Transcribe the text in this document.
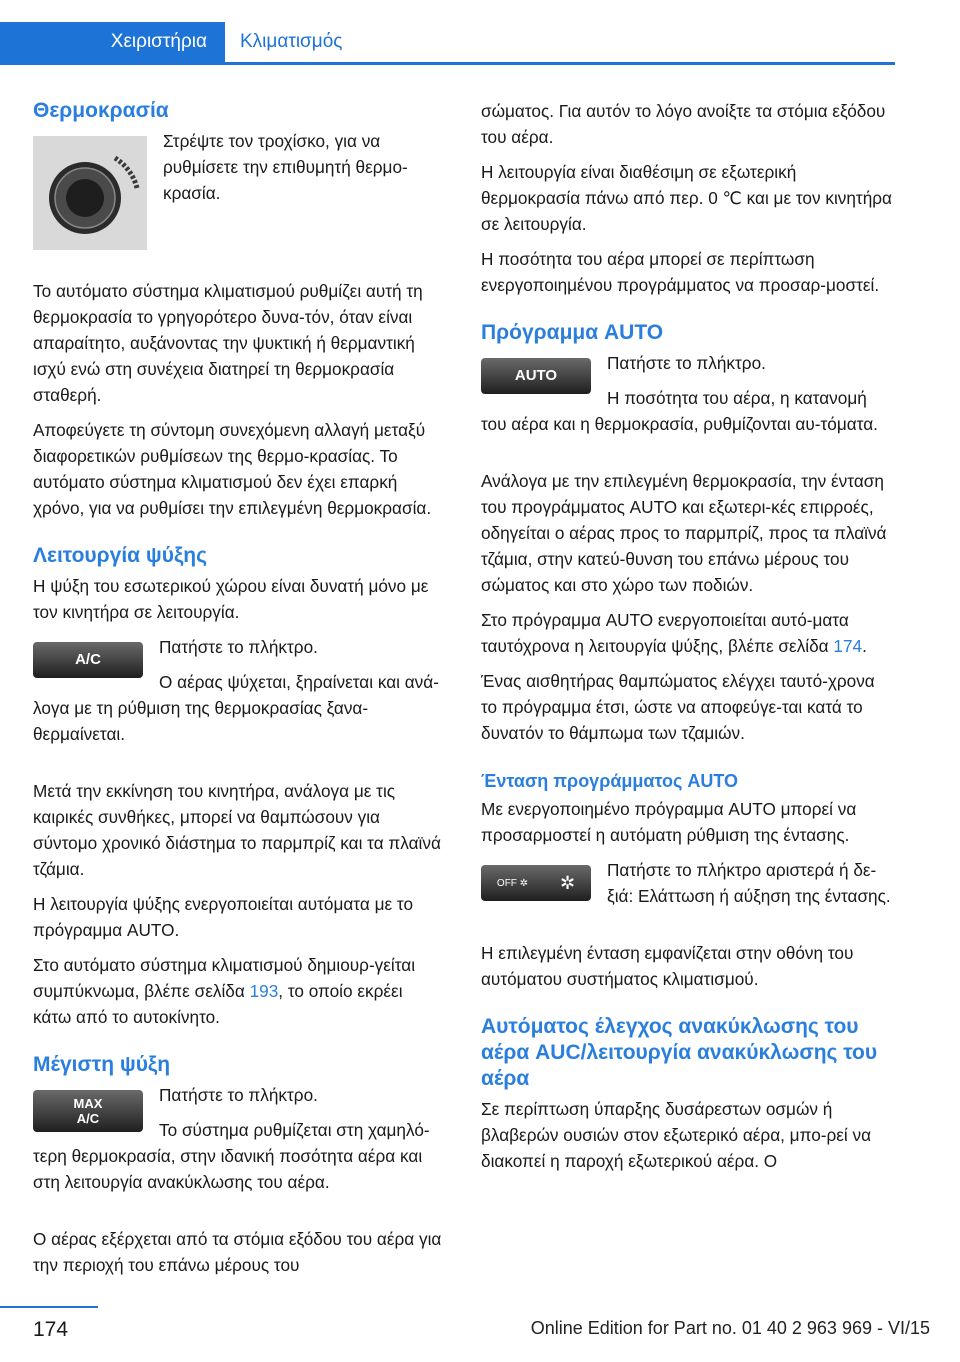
Χειριστήρια	Κλιματισμός
Θερμοκρασία
Στρέψτε τον τροχίσκο, για να ρυθμίσετε την επιθυμητή θερμο-κρασία.
Το αυτόματο σύστημα κλιματισμού ρυθμίζει αυτή τη θερμοκρασία το γρηγορότερο δυνα-τόν, όταν είναι απαραίτητο, αυξάνοντας την ψυκτική ή θερμαντική ισχύ ενώ στη συνέχεια διατηρεί τη θερμοκρασία σταθερή.
Αποφεύγετε τη σύντομη συνεχόμενη αλλαγή μεταξύ διαφορετικών ρυθμίσεων της θερμο-κρασίας. Το αυτόματο σύστημα κλιματισμού δεν έχει επαρκή χρόνο, για να ρυθμίσει την επιλεγμένη θερμοκρασία.
Λειτουργία ψύξης
Η ψύξη του εσωτερικού χώρου είναι δυνατή μόνο με τον κινητήρα σε λειτουργία.
A/C
Πατήστε το πλήκτρο.
Ο αέρας ψύχεται, ξηραίνεται και ανά-λογα με τη ρύθμιση της θερμοκρασίας ξανα-θερμαίνεται.
Μετά την εκκίνηση του κινητήρα, ανάλογα με τις καιρικές συνθήκες, μπορεί να θαμπώσουν για σύντομο χρονικό διάστημα το παρμπρίζ και τα πλαϊνά τζάμια.
Η λειτουργία ψύξης ενεργοποιείται αυτόματα με το πρόγραμμα AUTO.
Στο αυτόματο σύστημα κλιματισμού δημιουρ-γείται συμπύκνωμα, βλέπε σελίδα 193, το οποίο εκρέει κάτω από το αυτοκίνητο.
Μέγιστη ψύξη
MAX
A/C
Πατήστε το πλήκτρο.
Το σύστημα ρυθμίζεται στη χαμηλό-τερη θερμοκρασία, στην ιδανική ποσότητα αέρα και στη λειτουργία ανακύκλωσης του αέρα.
Ο αέρας εξέρχεται από τα στόμια εξόδου του αέρα για την περιοχή του επάνω μέρους του
σώματος. Για αυτόν το λόγο ανοίξτε τα στόμια εξόδου του αέρα.
Η λειτουργία είναι διαθέσιμη σε εξωτερική θερμοκρασία πάνω από περ. 0 ℃ και με τον κινητήρα σε λειτουργία.
Η ποσότητα του αέρα μπορεί σε περίπτωση ενεργοποιημένου προγράμματος να προσαρ-μοστεί.
Πρόγραμμα AUTO
AUTO
Πατήστε το πλήκτρο.
Η ποσότητα του αέρα, η κατανομή του αέρα και η θερμοκρασία, ρυθμίζονται αυ-τόματα.
Ανάλογα με την επιλεγμένη θερμοκρασία, την ένταση του προγράμματος AUTO και εξωτερι-κές επιρροές, οδηγείται ο αέρας προς το παρμπρίζ, προς τα πλαϊνά τζάμια, στην κατεύ-θυνση του επάνω μέρους του σώματος και στο χώρο των ποδιών.
Στο πρόγραμμα AUTO ενεργοποιείται αυτό-ματα ταυτόχρονα η λειτουργία ψύξης, βλέπε σελίδα 174.
Ένας αισθητήρας θαμπώματος ελέγχει ταυτό-χρονα το πρόγραμμα έτσι, ώστε να αποφεύγε-ται κατά το δυνατόν το θάμπωμα των τζαμιών.
Ένταση προγράμματος AUTO
Με ενεργοποιημένο πρόγραμμα AUTO μπορεί να προσαρμοστεί η αυτόματη ρύθμιση της έντασης.
OFF ✲ ✲
Πατήστε το πλήκτρο αριστερά ή δε-ξιά: Ελάττωση ή αύξηση της έντασης.
Η επιλεγμένη ένταση εμφανίζεται στην οθόνη του αυτόματου συστήματος κλιματισμού.
Αυτόματος έλεγχος ανακύκλωσης του αέρα AUC/λειτουργία ανακύκλωσης του αέρα
Σε περίπτωση ύπαρξης δυσάρεστων οσμών ή βλαβερών ουσιών στον εξωτερικό αέρα, μπο-ρεί να διακοπεί η παροχή εξωτερικού αέρα. Ο
174	Online Edition for Part no. 01 40 2 963 969 - VI/15
